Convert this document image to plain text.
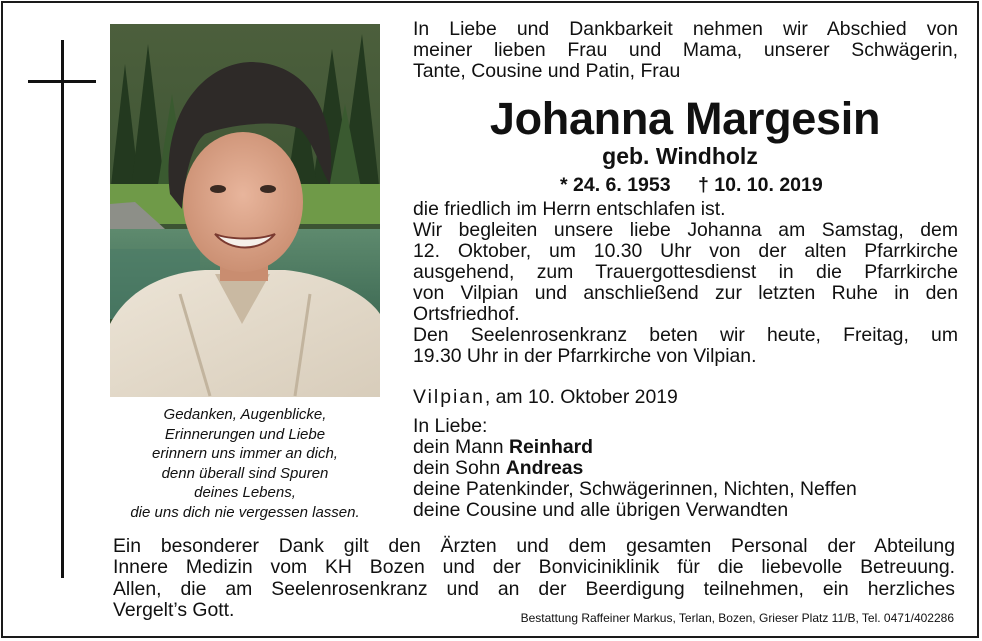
Gedanken, Augenblicke,
Erinnerungen und Liebe
erinnern uns immer an dich,
denn überall sind Spuren
deines Lebens,
die uns dich nie vergessen lassen.
In Liebe und Dankbarkeit nehmen wir Abschied von
meiner lieben Frau und Mama, unserer Schwägerin,
Tante, Cousine und Patin, Frau
Johanna Margesin
geb. Windholz
* 24. 6. 1953 † 10. 10. 2019
die friedlich im Herrn entschlafen ist.
Wir begleiten unsere liebe Johanna am Samstag, dem
12. Oktober, um 10.30 Uhr von der alten Pfarrkirche
ausgehend, zum Trauergottesdienst in die Pfarrkirche
von Vilpian und anschließend zur letzten Ruhe in den
Ortsfriedhof.
Den Seelenrosenkranz beten wir heute, Freitag, um
19.30 Uhr in der Pfarrkirche von Vilpian.
Vilpian, am 10. Oktober 2019
In Liebe:
dein Mann Reinhard
dein Sohn Andreas
deine Patenkinder, Schwägerinnen, Nichten, Neffen
deine Cousine und alle übrigen Verwandten
Ein besonderer Dank gilt den Ärzten und dem gesamten Personal der Abteilung
Innere Medizin vom KH Bozen und der Bonviciniklinik für die liebevolle Betreuung.
Allen, die am Seelenrosenkranz und an der Beerdigung teilnehmen, ein herzliches
Vergelt’s Gott.	Bestattung Raffeiner Markus, Terlan, Bozen, Grieser Platz 11/B, Tel. 0471/402286
